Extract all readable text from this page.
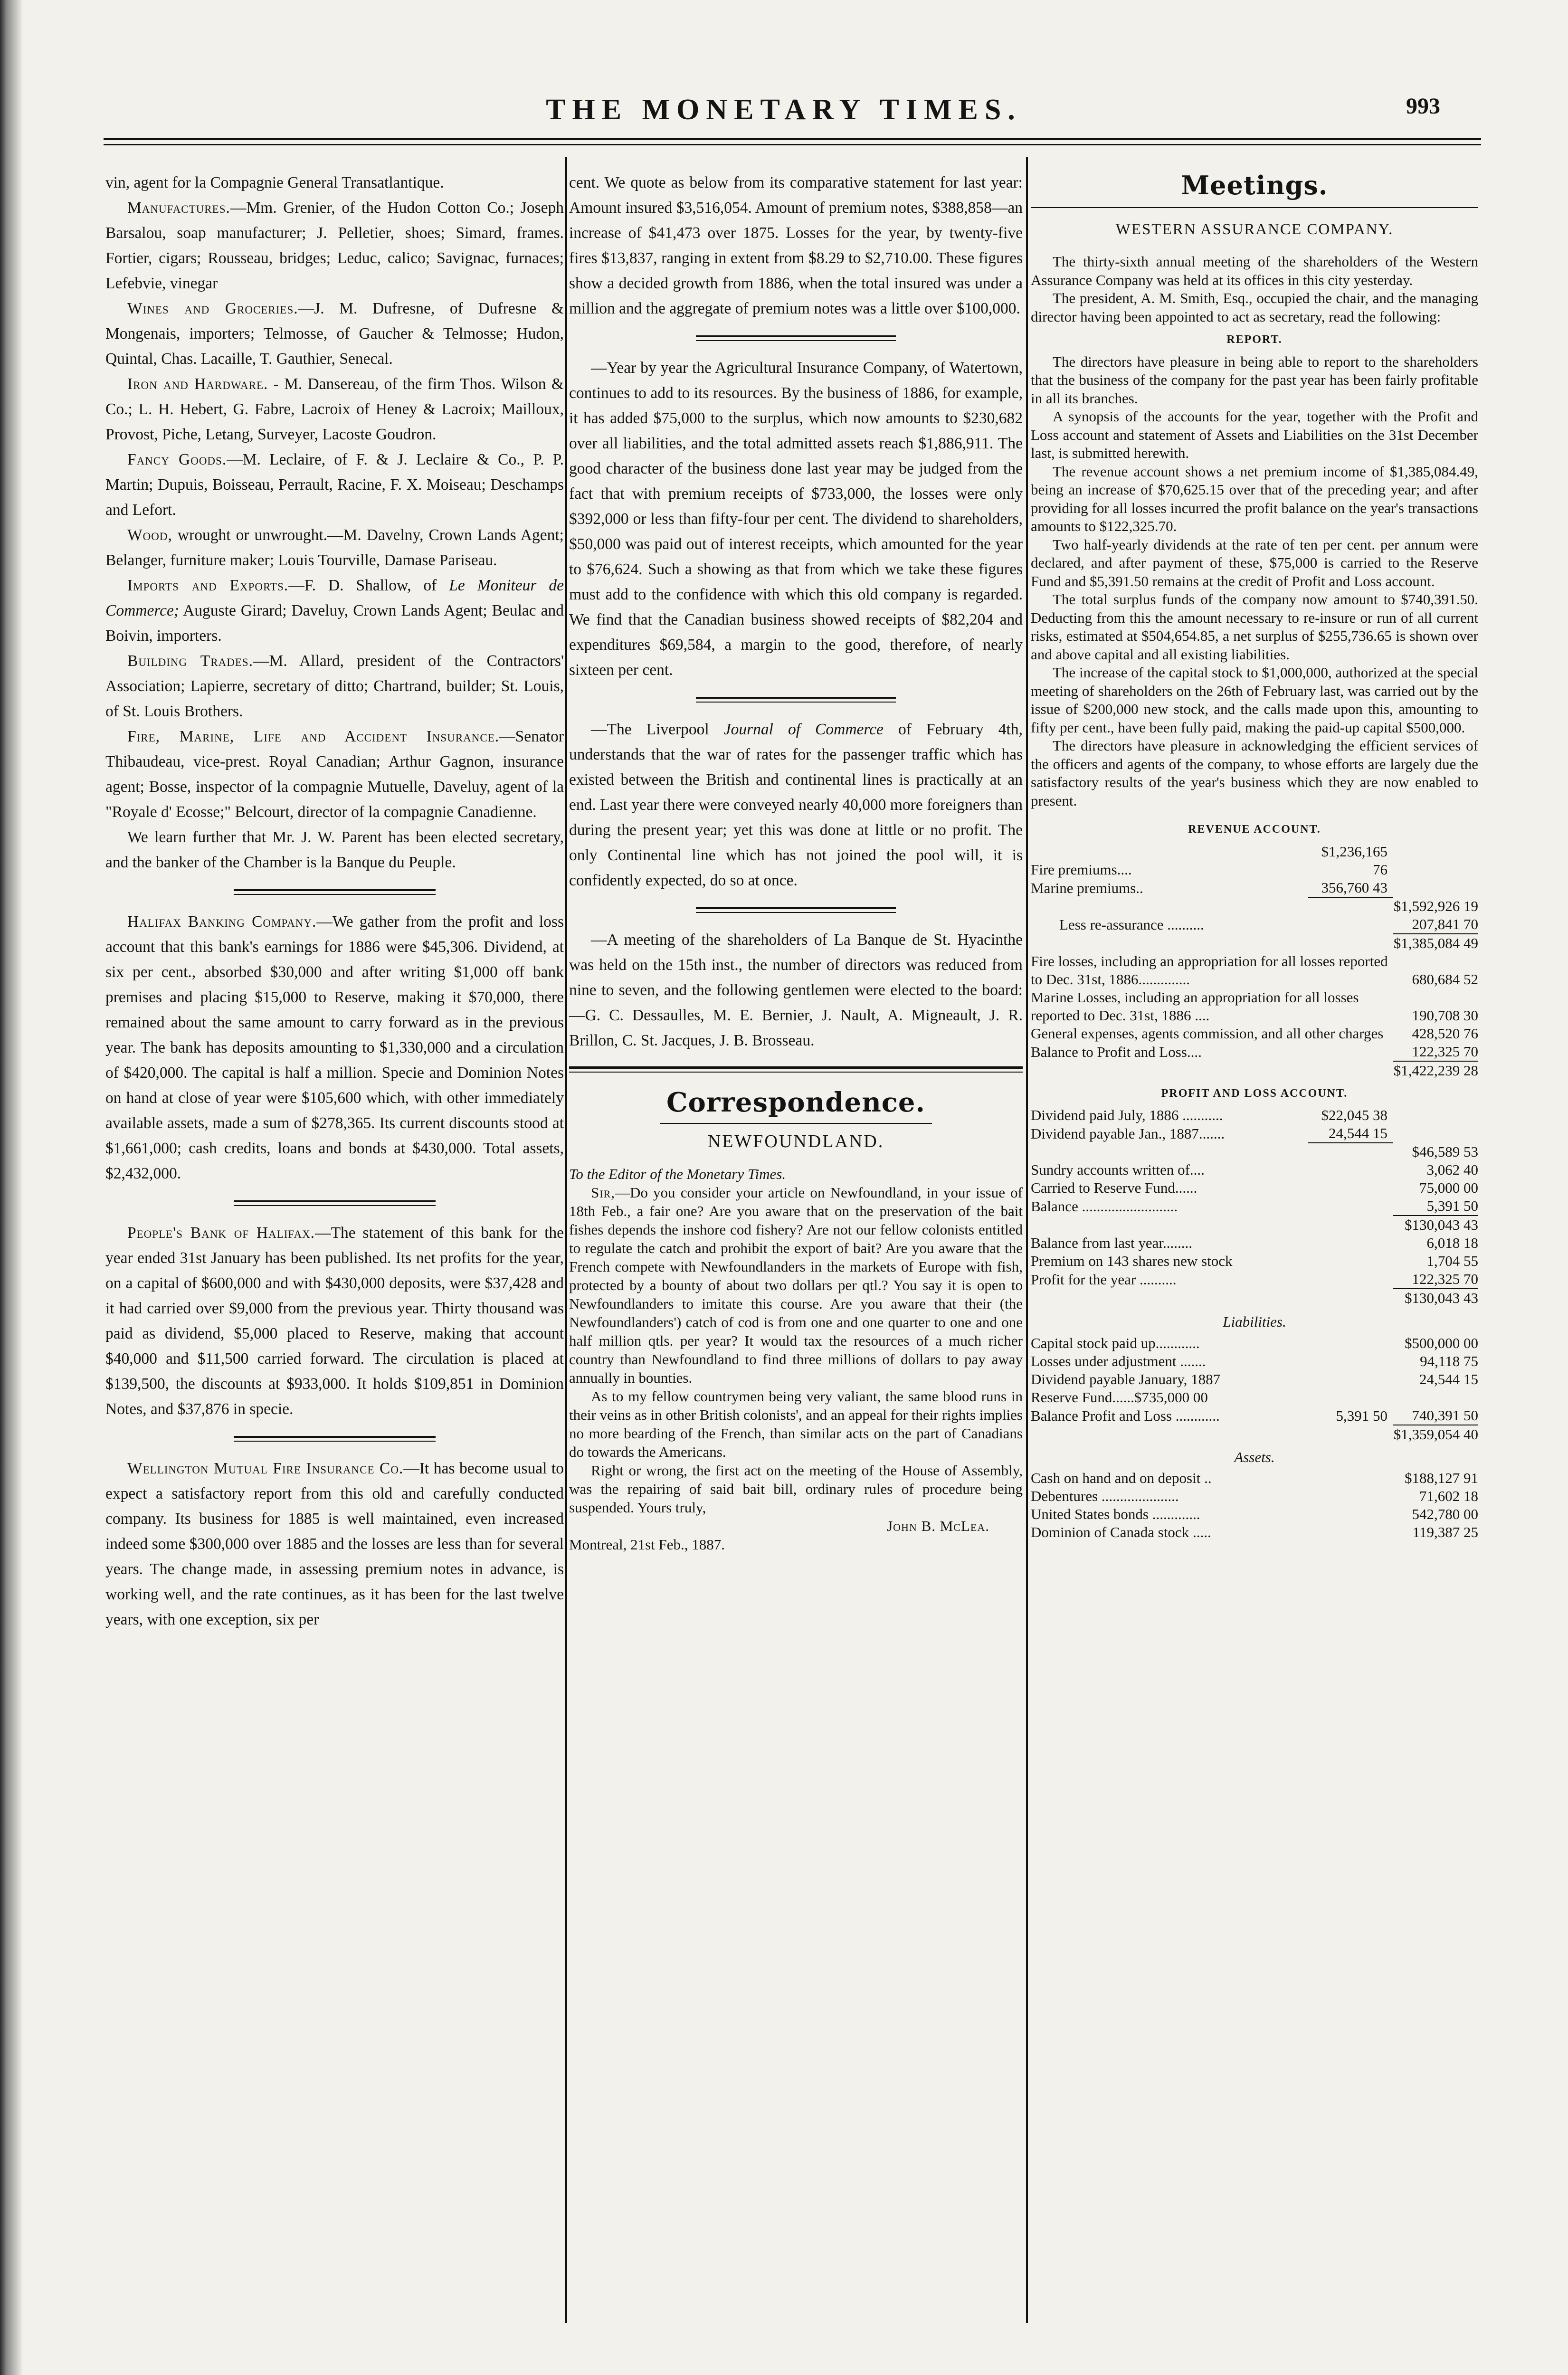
THE MONETARY TIMES.	993

vin, agent for la Compagnie General Transatlantique.

Manufactures.—Mm. Grenier, of the Hudon Cotton Co.; Joseph Barsalou, soap manufacturer; J. Pelletier, shoes; Simard, frames. Fortier, cigars; Rousseau, bridges; Leduc, calico; Savignac, furnaces; Lefebvie, vinegar

Wines and Groceries.—J. M. Dufresne, of Dufresne & Mongenais, importers; Telmosse, of Gaucher & Telmosse; Hudon, Quintal, Chas. Lacaille, T. Gauthier, Senecal.

Iron and Hardware. - M. Dansereau, of the firm Thos. Wilson & Co.; L. H. Hebert, G. Fabre, Lacroix of Heney & Lacroix; Mailloux, Provost, Piche, Letang, Surveyer, Lacoste Goudron.

Fancy Goods.—M. Leclaire, of F. & J. Leclaire & Co., P. P. Martin; Dupuis, Boisseau, Perrault, Racine, F. X. Moiseau; Deschamps and Lefort.

Wood, wrought or unwrought.—M. Davelny, Crown Lands Agent; Belanger, furniture maker; Louis Tourville, Damase Pariseau.

Imports and Exports.—F. D. Shallow, of Le Moniteur de Commerce; Auguste Girard; Daveluy, Crown Lands Agent; Beulac and Boivin, importers.

Building Trades.—M. Allard, president of the Contractors' Association; Lapierre, secretary of ditto; Chartrand, builder; St. Louis, of St. Louis Brothers.

Fire, Marine, Life and Accident Insurance.—Senator Thibaudeau, vice-prest. Royal Canadian; Arthur Gagnon, insurance agent; Bosse, inspector of la compagnie Mutuelle, Daveluy, agent of la "Royale d' Ecosse;" Belcourt, director of la compagnie Canadienne.

We learn further that Mr. J. W. Parent has been elected secretary, and the banker of the Chamber is la Banque du Peuple.

Halifax Banking Company.—We gather from the profit and loss account that this bank's earnings for 1886 were $45,306. Dividend, at six per cent., absorbed $30,000 and after writing $1,000 off bank premises and placing $15,000 to Reserve, making it $70,000, there remained about the same amount to carry forward as in the previous year. The bank has deposits amounting to $1,330,000 and a circulation of $420,000. The capital is half a million. Specie and Dominion Notes on hand at close of year were $105,600 which, with other immediately available assets, made a sum of $278,365. Its current discounts stood at $1,661,000; cash credits, loans and bonds at $430,000. Total assets, $2,432,000.

People's Bank of Halifax.—The statement of this bank for the year ended 31st January has been published. Its net profits for the year, on a capital of $600,000 and with $430,000 deposits, were $37,428 and it had carried over $9,000 from the previous year. Thirty thousand was paid as dividend, $5,000 placed to Reserve, making that account $40,000 and $11,500 carried forward. The circulation is placed at $139,500, the discounts at $933,000. It holds $109,851 in Dominion Notes, and $37,876 in specie.

Wellington Mutual Fire Insurance Co.—It has become usual to expect a satisfactory report from this old and carefully conducted company. Its business for 1885 is well maintained, even increased indeed some $300,000 over 1885 and the losses are less than for several years. The change made, in assessing premium notes in advance, is working well, and the rate continues, as it has been for the last twelve years, with one exception, six per

cent. We quote as below from its comparative statement for last year: Amount insured $3,516,054. Amount of premium notes, $388,858—an increase of $41,473 over 1875. Losses for the year, by twenty-five fires $13,837, ranging in extent from $8.29 to $2,710.00. These figures show a decided growth from 1886, when the total insured was under a million and the aggregate of premium notes was a little over $100,000.

—Year by year the Agricultural Insurance Company, of Watertown, continues to add to its resources. By the business of 1886, for example, it has added $75,000 to the surplus, which now amounts to $230,682 over all liabilities, and the total admitted assets reach $1,886,911. The good character of the business done last year may be judged from the fact that with premium receipts of $733,000, the losses were only $392,000 or less than fifty-four per cent. The dividend to shareholders, $50,000 was paid out of interest receipts, which amounted for the year to $76,624. Such a showing as that from which we take these figures must add to the confidence with which this old company is regarded. We find that the Canadian business showed receipts of $82,204 and expenditures $69,584, a margin to the good, therefore, of nearly sixteen per cent.

—The Liverpool Journal of Commerce of February 4th, understands that the war of rates for the passenger traffic which has existed between the British and continental lines is practically at an end. Last year there were conveyed nearly 40,000 more foreigners than during the present year; yet this was done at little or no profit. The only Continental line which has not joined the pool will, it is confidently expected, do so at once.

—A meeting of the shareholders of La Banque de St. Hyacinthe was held on the 15th inst., the number of directors was reduced from nine to seven, and the following gentlemen were elected to the board:—G. C. Dessaulles, M. E. Bernier, J. Nault, A. Migneault, J. R. Brillon, C. St. Jacques, J. B. Brosseau.

Correspondence.
NEWFOUNDLAND.

To the Editor of the Monetary Times.

Sir,—Do you consider your article on Newfoundland, in your issue of 18th Feb., a fair one? Are you aware that on the preservation of the bait fishes depends the inshore cod fishery? Are not our fellow colonists entitled to regulate the catch and prohibit the export of bait? Are you aware that the French compete with Newfoundlanders in the markets of Europe with fish, protected by a bounty of about two dollars per qtl.? You say it is open to Newfoundlanders to imitate this course. Are you aware that their (the Newfoundlanders') catch of cod is from one and one quarter to one and one half million qtls. per year? It would tax the resources of a much richer country than Newfoundland to find three millions of dollars to pay away annually in bounties.

As to my fellow countrymen being very valiant, the same blood runs in their veins as in other British colonists', and an appeal for their rights implies no more bearding of the French, than similar acts on the part of Canadians do towards the Americans.

Right or wrong, the first act on the meeting of the House of Assembly, was the repairing of said bait bill, ordinary rules of procedure being suspended. Yours truly,

John B. McLea.

Montreal, 21st Feb., 1887.

Meetings.
WESTERN ASSURANCE COMPANY.

The thirty-sixth annual meeting of the shareholders of the Western Assurance Company was held at its offices in this city yesterday.

The president, A. M. Smith, Esq., occupied the chair, and the managing director having been appointed to act as secretary, read the following:

REPORT.

The directors have pleasure in being able to report to the shareholders that the business of the company for the past year has been fairly profitable in all its branches.

A synopsis of the accounts for the year, together with the Profit and Loss account and statement of Assets and Liabilities on the 31st December last, is submitted herewith.

The revenue account shows a net premium income of $1,385,084.49, being an increase of $70,625.15 over that of the preceding year; and after providing for all losses incurred the profit balance on the year's transactions amounts to $122,325.70.

Two half-yearly dividends at the rate of ten per cent. per annum were declared, and after payment of these, $75,000 is carried to the Reserve Fund and $5,391.50 remains at the credit of Profit and Loss account.

The total surplus funds of the company now amount to $740,391.50. Deducting from this the amount necessary to re-insure or run of all current risks, estimated at $504,654.85, a net surplus of $255,736.65 is shown over and above capital and all existing liabilities.

The increase of the capital stock to $1,000,000, authorized at the special meeting of shareholders on the 26th of February last, was carried out by the issue of $200,000 new stock, and the calls made upon this, amounting to fifty per cent., have been fully paid, making the paid-up capital $500,000.

The directors have pleasure in acknowledging the efficient services of the officers and agents of the company, to whose efforts are largely due the satisfactory results of the year's business which they are now enabled to present.

REVENUE ACCOUNT.
Fire premiums....	$1,236,165 76	
Marine premiums..	356,760 43	
		$1,592,926 19
Less re-assurance ..........		207,841 70
		$1,385,084 49
Fire losses, including an appropriation for all losses reported to Dec. 31st, 1886..............		680,684 52
Marine Losses, including an appropriation for all losses reported to Dec. 31st, 1886 ....		190,708 30
General expenses, agents commission, and all other charges		428,520 76
Balance to Profit and Loss....		122,325 70
		$1,422,239 28
PROFIT AND LOSS ACCOUNT.
Dividend paid July, 1886 ...........	$22,045 38	
Dividend payable Jan., 1887.......	24,544 15	
		$46,589 53
Sundry accounts written of....		3,062 40
Carried to Reserve Fund......		75,000 00
Balance ..........................		5,391 50
		$130,043 43
Balance from last year........		6,018 18
Premium on 143 shares new stock		1,704 55
Profit for the year ..........		122,325 70
		$130,043 43
Liabilities.
Capital stock paid up............		$500,000 00
Losses under adjustment .......		94,118 75
Dividend payable January, 1887		24,544 15
Reserve Fund......$735,000 00		
Balance Profit and Loss ............	5,391 50	740,391 50
		$1,359,054 40
Assets.
Cash on hand and on deposit ..	$188,127 91
Debentures .....................	71,602 18
United States bonds .............	542,780 00
Dominion of Canada stock .....	119,387 25
